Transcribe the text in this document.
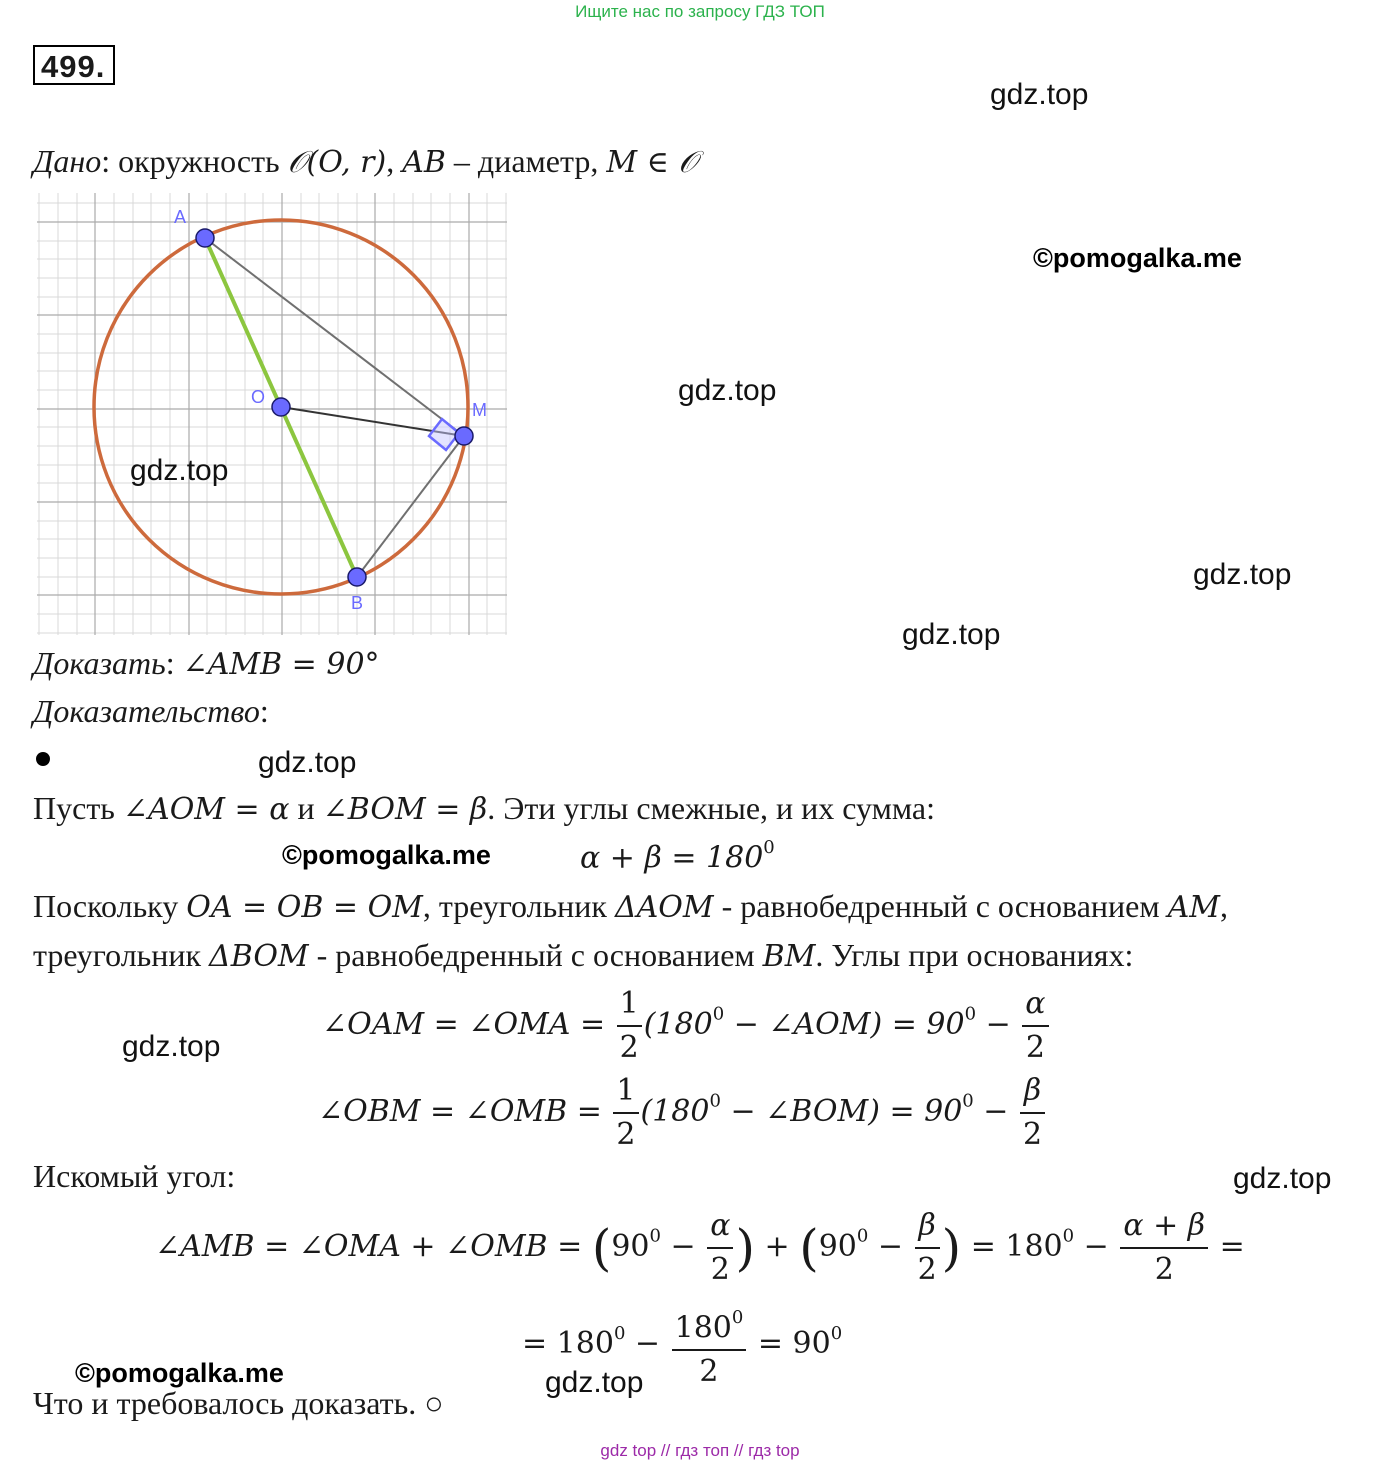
Ищите нас по запросу ГДЗ ТОП
499.
gdz.top
©pomogalka.me
gdz.top
gdz.top
gdz.top
gdz.top
©pomogalka.me
gdz.top
gdz.top
©pomogalka.me	gdz.top
Дано: окружность 𝒪(O, r), AB – диаметр, M ∈ 𝒪
A
O
M
B
gdz.top
Доказать: ∠AMB = 90°
Доказательство:
Пусть ∠AOM = α и ∠BOM = β. Эти углы смежные, и их сумма:
$\alpha + \beta = 180^0$
Поскольку OA = OB = OM, треугольник ΔAOM - равнобедренный с основанием AM,
треугольник ΔBOM - равнобедренный с основанием BM. Углы при основаниях:
∠OAM = ∠OMA = $\frac{1}{2} (180^0$ − ∠AOM) = $90^0 - \frac{\alpha}{2}$
∠OBM = ∠OMB = $\frac{1}{2} (180^0$ − ∠BOM) = $90^0 - \frac{\beta}{2}$
Искомый угол:
∠AMB = ∠OMA + ∠OMB = ($90^0 - \frac{\alpha}{2}$ ) + ($90^0 - \frac{\beta}{2}$ ) = $180^0 - \frac{\alpha + \beta}{2}$ =
= $180^0 - \frac{180^0}{2} = 90^0$
Что и требовалось доказать. ○
gdz top // гдз топ // гдз top
